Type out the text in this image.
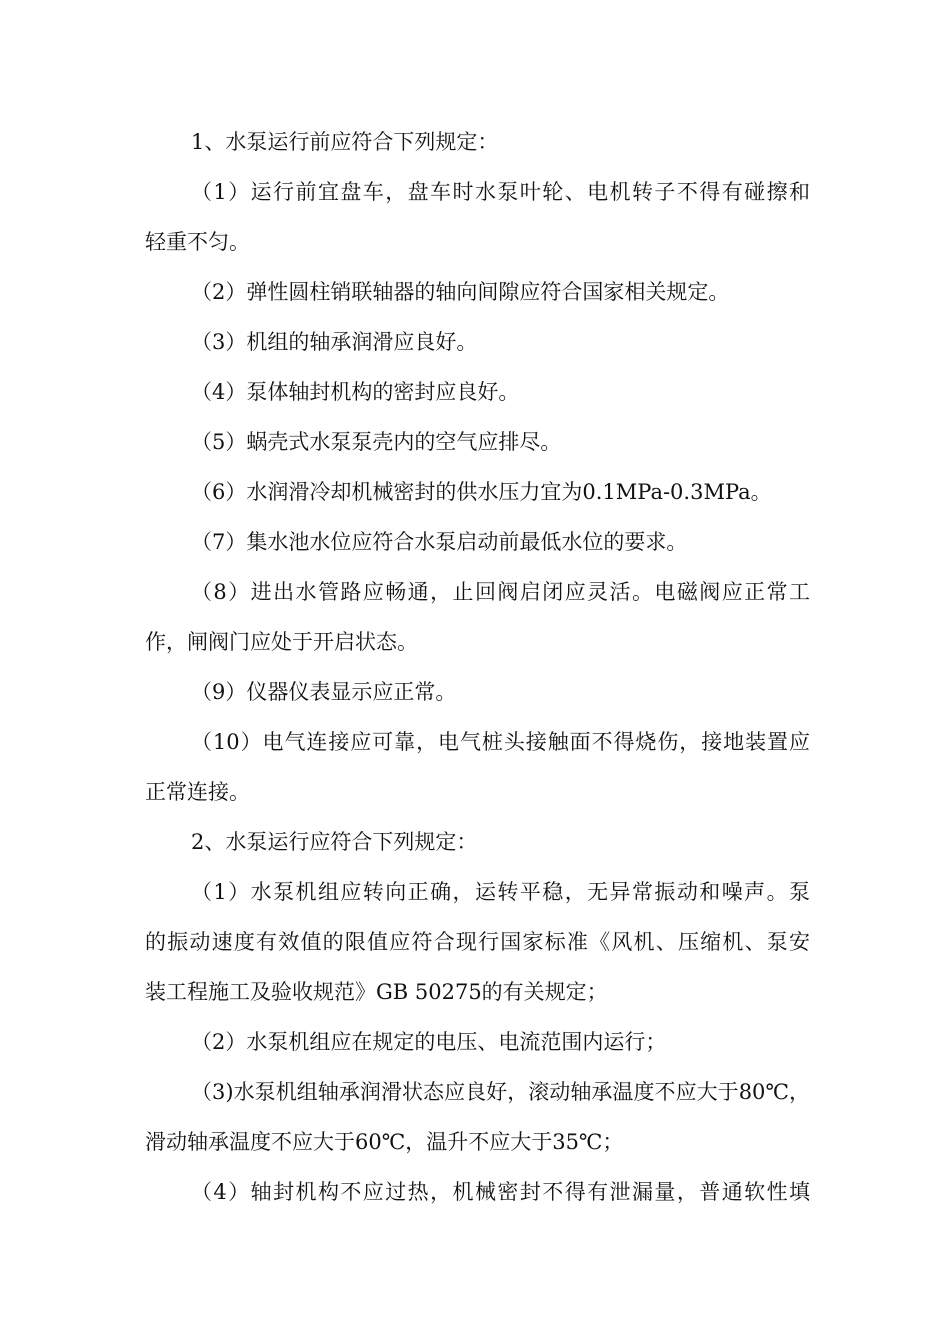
1、水泵运行前应符合下列规定：
（1）运行前宜盘车，盘车时水泵叶轮、电机转子不得有碰擦和
轻重不匀。
（2）弹性圆柱销联轴器的轴向间隙应符合国家相关规定。
（3）机组的轴承润滑应良好。
（4）泵体轴封机构的密封应良好。
（5）蜗壳式水泵泵壳内的空气应排尽。
（6）水润滑冷却机械密封的供水压力宜为0.1MPa-0.3MPa。
（7）集水池水位应符合水泵启动前最低水位的要求。
（8）进出水管路应畅通，止回阀启闭应灵活。电磁阀应正常工
作，闸阀门应处于开启状态。
（9）仪器仪表显示应正常。
（10）电气连接应可靠，电气桩头接触面不得烧伤，接地装置应
正常连接。
2、水泵运行应符合下列规定：
（1）水泵机组应转向正确，运转平稳，无异常振动和噪声。泵
的振动速度有效值的限值应符合现行国家标准《风机、压缩机、泵安
装工程施工及验收规范》GB 50275的有关规定；
（2）水泵机组应在规定的电压、电流范围内运行；
（3)水泵机组轴承润滑状态应良好，滚动轴承温度不应大于80℃，
滑动轴承温度不应大于60℃，温升不应大于35℃；
（4）轴封机构不应过热，机械密封不得有泄漏量，普通软性填
